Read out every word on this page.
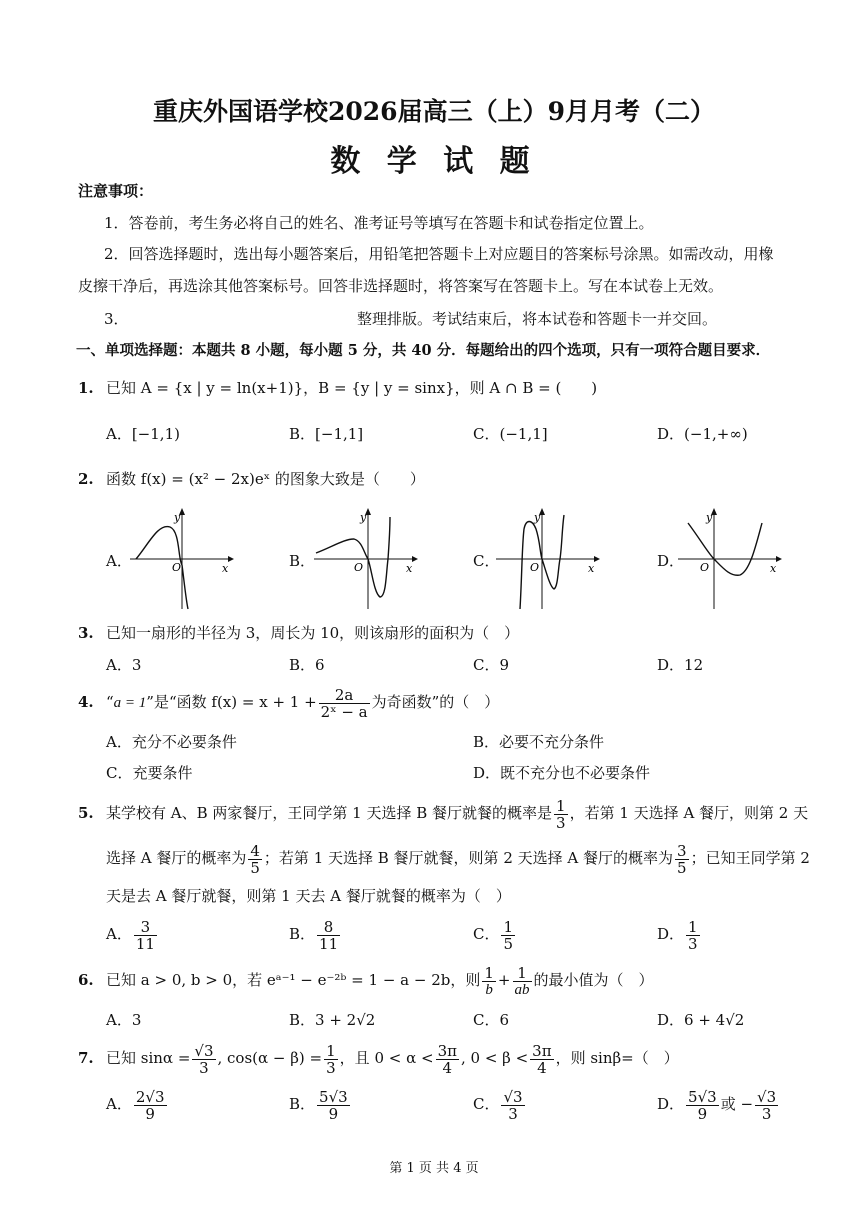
重庆外国语学校2026届高三（上）9月月考（二）
数 学 试 题
注意事项：
1．答卷前，考生务必将自己的姓名、准考证号等填写在答题卡和试卷指定位置上。
2．回答选择题时，选出每小题答案后，用铅笔把答题卡上对应题目的答案标号涂黑。如需改动，用橡
皮擦干净后，再选涂其他答案标号。回答非选择题时，将答案写在答题卡上。写在本试卷上无效。
3．	整理排版。考试结束后，将本试卷和答题卡一并交回。
一、单项选择题：本题共 8 小题，每小题 5 分，共 40 分．每题给出的四个选项，只有一项符合题目要求．
1. 已知 A = {x | y = ln(x+1)}，B = {y | y = sinx}，则 A ∩ B = (　　)
A．[−1,1)	B．[−1,1]	C．(−1,1]	D．(−1,+∞)
2. 函数 f(x) = (x² − 2x)eˣ 的图象大致是（　　）
A．	B．	C．	D．
y
x
O
y
x
O
y
x
O
y
x
O
3. 已知一扇形的半径为 3，周长为 10，则该扇形的面积为（　）
A．3	B．6	C．9	D．12
4. “a = 1”是“函数 $f(x) = x + 1 + \frac{2a}{\text{2ˣ − a}}$ 为奇函数”的（　）
A．充分不必要条件	B．必要不充分条件
C．充要条件	D．既不充分也不必要条件
5. 某学校有 A、B 两家餐厅，王同学第 1 天选择 B 餐厅就餐的概率是 $\frac{1}{3}$ ，若第 1 天选择 A 餐厅，则第 2 天
选择 A 餐厅的概率为 $\frac{4}{5}$ ；若第 1 天选择 B 餐厅就餐，则第 2 天选择 A 餐厅的概率为 $\frac{3}{5}$ ；已知王同学第 2
天是去 A 餐厅就餐，则第 1 天去 A 餐厅就餐的概率为（　）
A． $\frac{3}{11}$	B． $\frac{8}{11}$	C． $\frac{1}{5}$	D． $\frac{1}{3}$
6. 已知 a > 0, b > 0，若 eᵃ⁻¹ − e⁻²ᵇ = 1 − a − 2b，则 $\frac{1}{b} + \frac{1}{ab}$ 的最小值为（　）
A．3	B．3 + 2√2	C．6	D．6 + 4√2
7. 已知 $\sin\alpha = \frac{√3}{3}$ , $\cos(\alpha - \beta) = \frac{1}{3}$ ，且 $0 < \alpha < \frac{3\pi}{4}$ , $0 < \beta < \frac{3\pi}{4}$ ，则 sinβ=（　）
A． $\frac{2√3}{9}$	B． $\frac{5√3}{9}$	C． $\frac{√3}{3}$	D． $\frac{5√3}{9}$ 或 − $\frac{√3}{3}$
第 1 页 共 4 页
